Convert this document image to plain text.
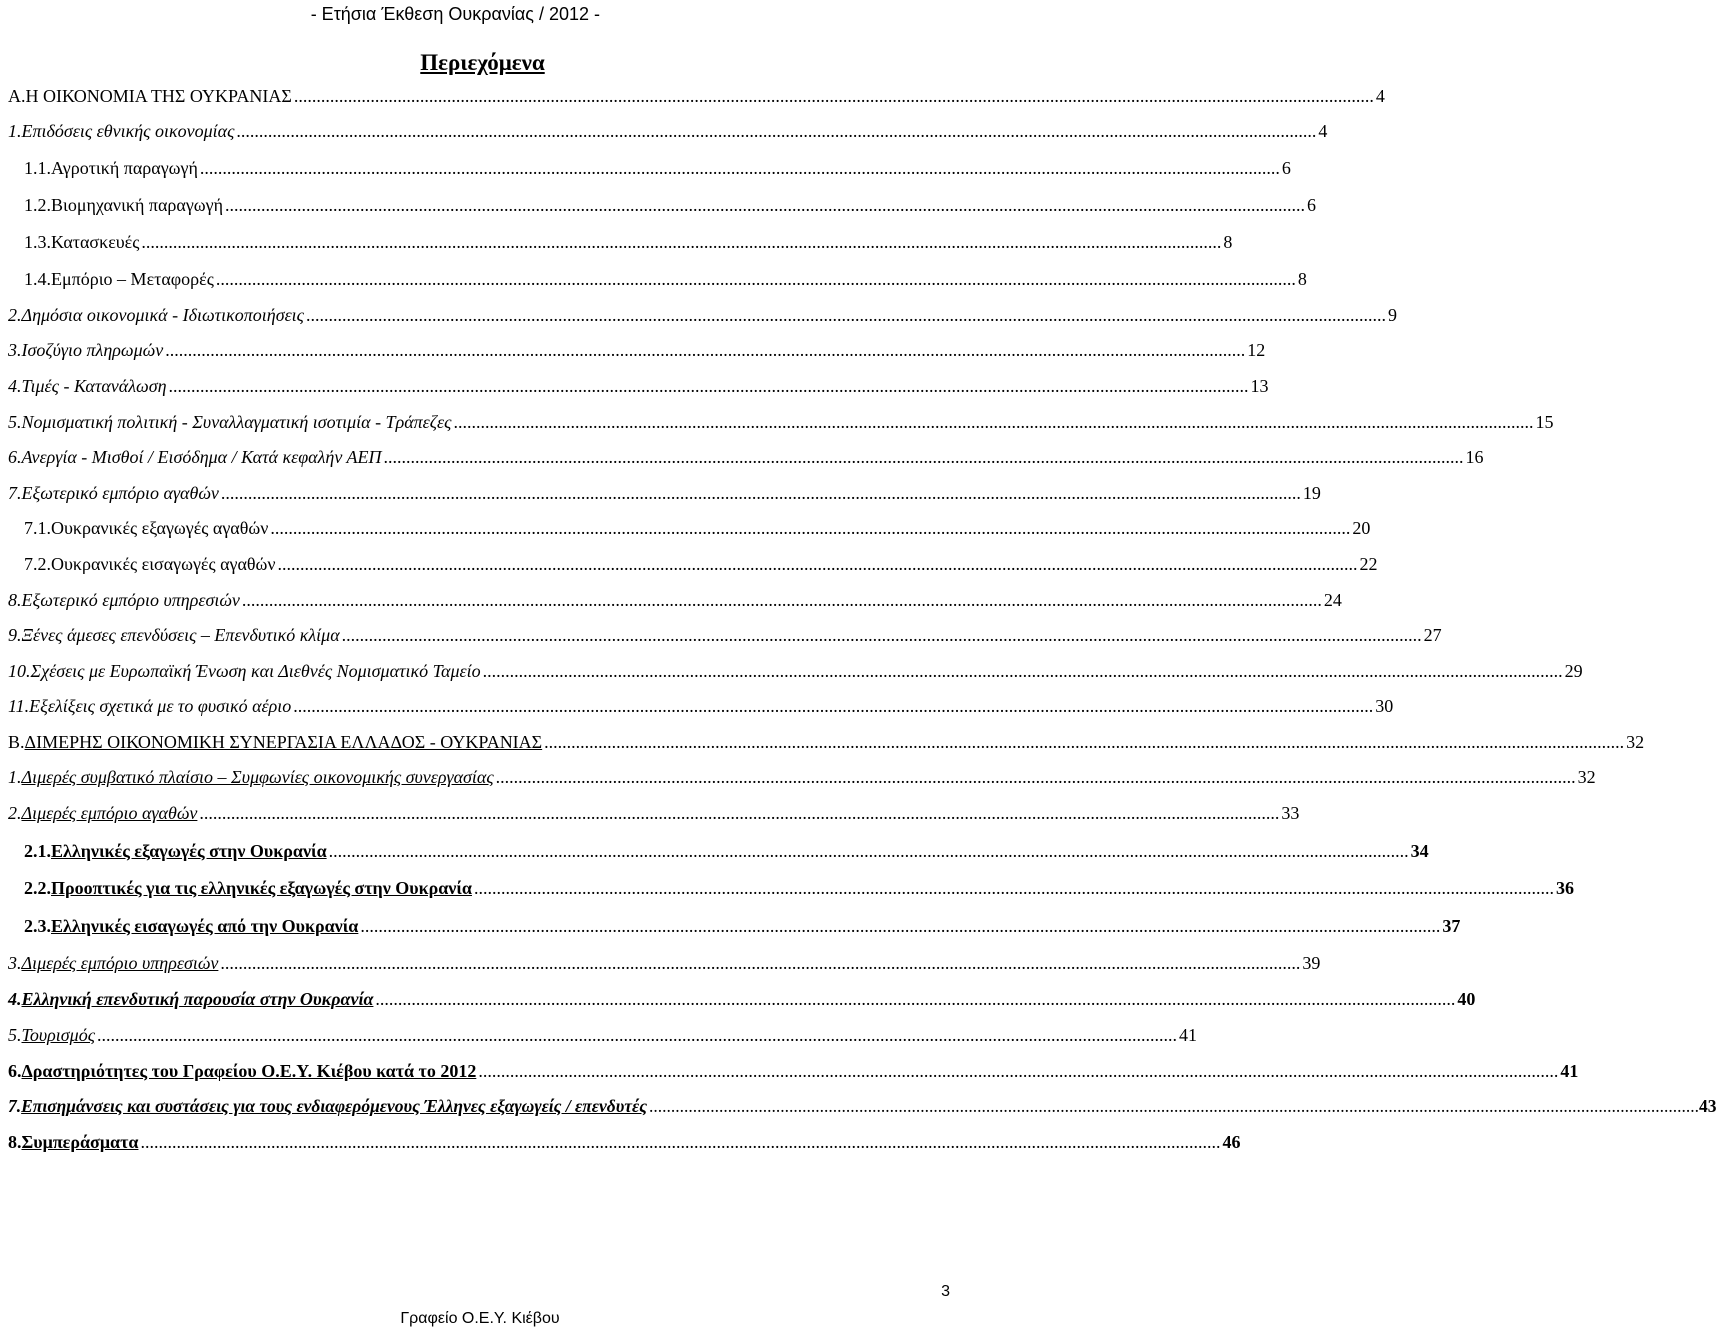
- Ετήσια Έκθεση Ουκρανίας / 2012 -
Περιεχόμενα
Α. Η ΟΙΚΟΝΟΜΙΑ ΤΗΣ ΟΥΚΡΑΝΙΑΣ .....	4
1. Επιδόσεις εθνικής οικονομίας .....	4
1.1. Αγροτική παραγωγή .....	6
1.2. Βιομηχανική παραγωγή .....	6
1.3. Κατασκευές .....	8
1.4. Εμπόριο – Μεταφορές .....	8
2. Δημόσια οικονομικά - Ιδιωτικοποιήσεις .....	9
3. Ισοζύγιο πληρωμών .....	12
4. Τιμές - Κατανάλωση .....	13
5. Νομισματική πολιτική - Συναλλαγματική ισοτιμία - Τράπεζες .....	15
6. Ανεργία - Μισθοί / Εισόδημα / Κατά κεφαλήν ΑΕΠ .....	16
7. Εξωτερικό εμπόριο αγαθών .....	19
7.1. Ουκρανικές εξαγωγές αγαθών .....	20
7.2. Ουκρανικές εισαγωγές αγαθών .....	22
8. Εξωτερικό εμπόριο υπηρεσιών .....	24
9. Ξένες άμεσες επενδύσεις – Επενδυτικό κλίμα .....	27
10. Σχέσεις με Ευρωπαϊκή Ένωση και Διεθνές Νομισματικό Ταμείο .....	29
11. Εξελίξεις σχετικά με το φυσικό αέριο .....	30
Β. ΔΙΜΕΡΗΣ ΟΙΚΟΝΟΜΙΚΗ ΣΥΝΕΡΓΑΣΙΑ ΕΛΛΑΔΟΣ - ΟΥΚΡΑΝΙΑΣ .....	32
1. Διμερές συμβατικό πλαίσιο – Συμφωνίες οικονομικής συνεργασίας .....	32
2. Διμερές εμπόριο αγαθών .....	33
2.1. Ελληνικές εξαγωγές στην Ουκρανία .....	34
2.2. Προοπτικές για τις ελληνικές εξαγωγές στην Ουκρανία .....	36
2.3. Ελληνικές εισαγωγές από την Ουκρανία .....	37
3. Διμερές εμπόριο υπηρεσιών .....	39
4. Ελληνική επενδυτική παρουσία στην Ουκρανία .....	40
5. Τουρισμός .....	41
6. Δραστηριότητες του Γραφείου Ο.Ε.Υ. Κιέβου κατά το 2012 .....	41
7. Επισημάνσεις και συστάσεις για τους ενδιαφερόμενους Έλληνες εξαγωγείς / επενδυτές .....	43
8. Συμπεράσματα .....	46
3
Γραφείο Ο.Ε.Υ. Κιέβου
